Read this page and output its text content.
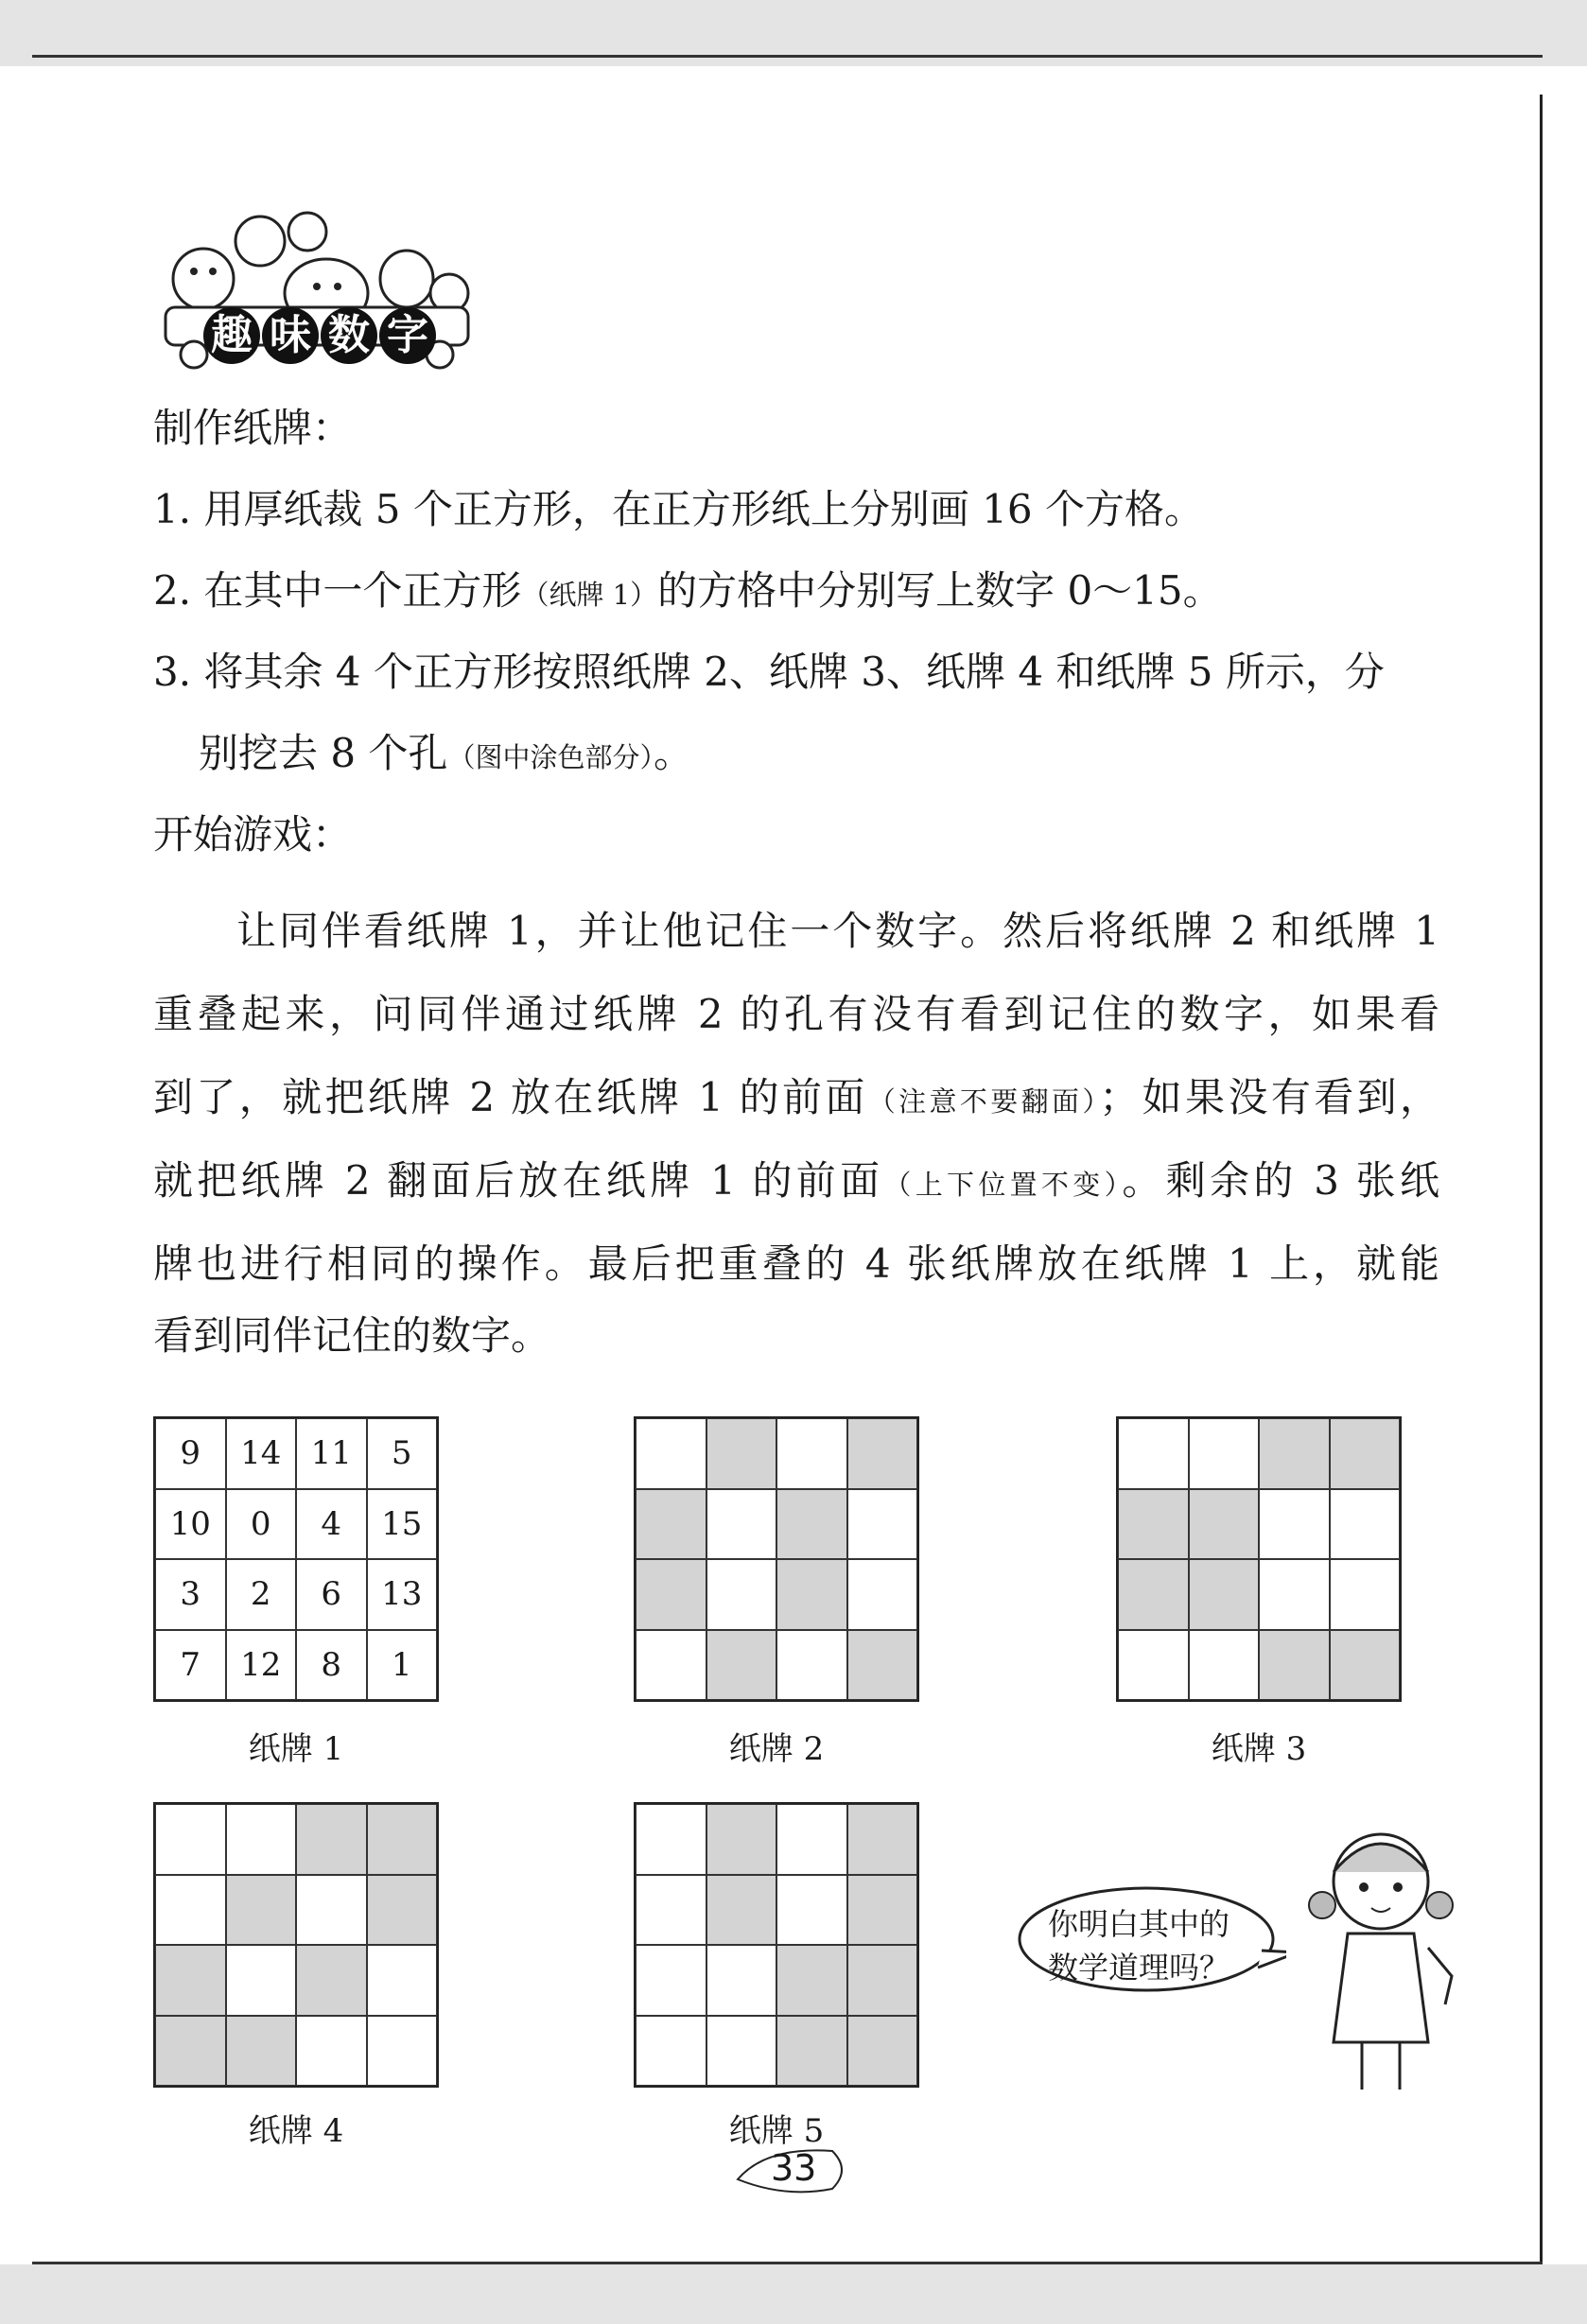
趣 味 数 字
制作纸牌：
1. 用厚纸裁 5 个正方形，在正方形纸上分别画 16 个方格。
2. 在其中一个正方形（纸牌 1）的方格中分别写上数字 0～15。
3. 将其余 4 个正方形按照纸牌 2、纸牌 3、纸牌 4 和纸牌 5 所示，分
别挖去 8 个孔（图中涂色部分）。
开始游戏：
让同伴看纸牌 1，并让他记住一个数字。然后将纸牌 2 和纸牌 1
重叠起来，问同伴通过纸牌 2 的孔有没有看到记住的数字，如果看
到了，就把纸牌 2 放在纸牌 1 的前面（注意不要翻面）；如果没有看到，
就把纸牌 2 翻面后放在纸牌 1 的前面（上下位置不变）。剩余的 3 张纸
牌也进行相同的操作。最后把重叠的 4 张纸牌放在纸牌 1 上，就能
看到同伴记住的数字。
9	14 11	5
10	0	4	15
3	2	6	13
7	12	8	1
纸牌 1	纸牌 2	纸牌 3
纸牌 4	纸牌 5
你明白其中的
数学道理吗？
33
